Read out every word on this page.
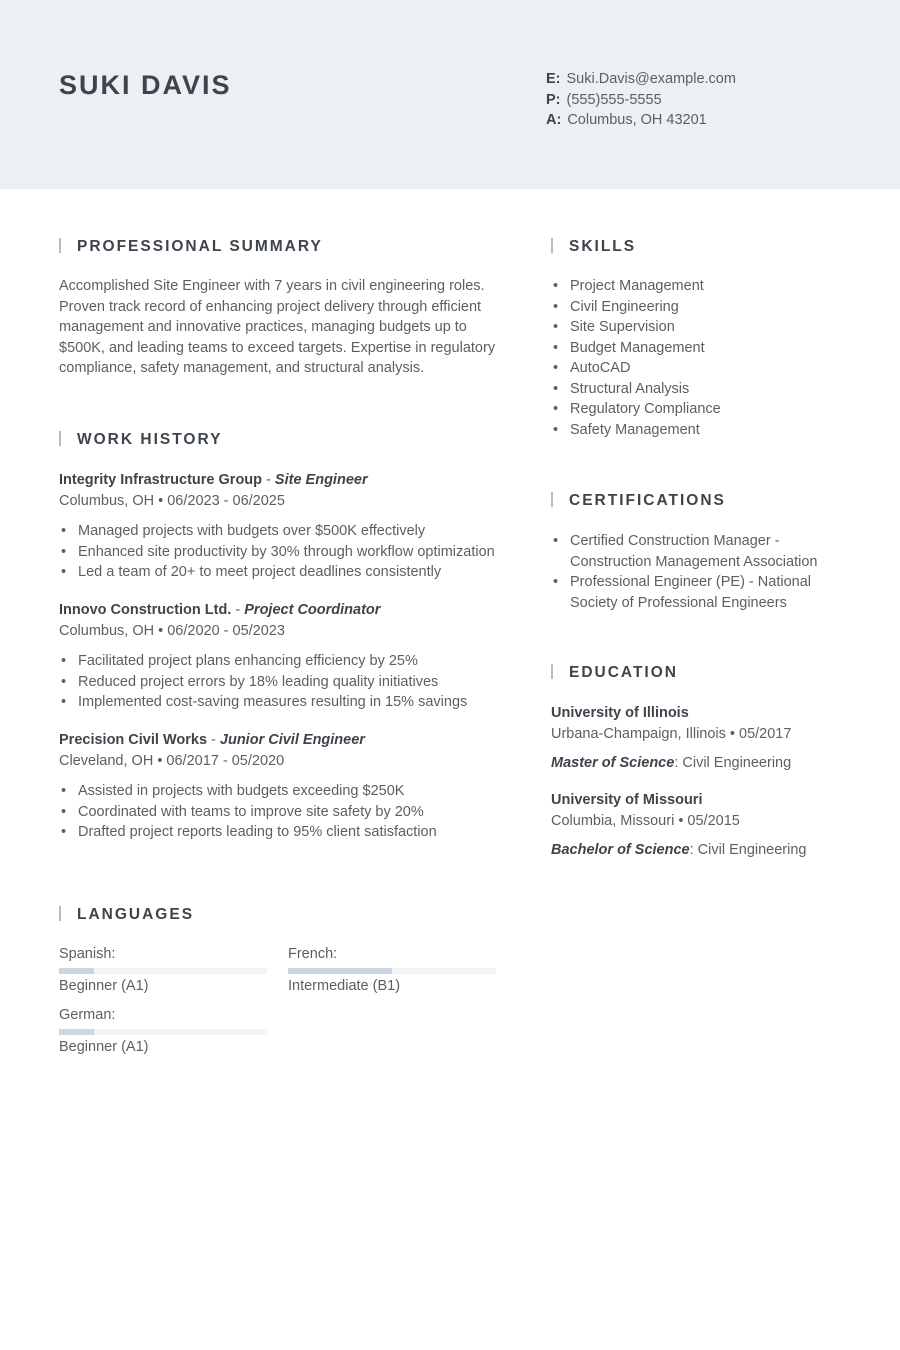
SUKI DAVIS	E: Suki.Davis@example.com
P: (555)555-5555
A: Columbus, OH 43201
PROFESSIONAL SUMMARY
Accomplished Site Engineer with 7 years in civil engineering roles. Proven track record of enhancing project delivery through efficient management and innovative practices, managing budgets up to $500K, and leading teams to exceed targets. Expertise in regulatory compliance, safety management, and structural analysis.
WORK HISTORY
Integrity Infrastructure Group - Site Engineer
Columbus, OH • 06/2023 - 06/2025
• Managed projects with budgets over $500K effectively
• Enhanced site productivity by 30% through workflow optimization
• Led a team of 20+ to meet project deadlines consistently
Innovo Construction Ltd. - Project Coordinator
Columbus, OH • 06/2020 - 05/2023
• Facilitated project plans enhancing efficiency by 25%
• Reduced project errors by 18% leading quality initiatives
• Implemented cost-saving measures resulting in 15% savings
Precision Civil Works - Junior Civil Engineer
Cleveland, OH • 06/2017 - 05/2020
• Assisted in projects with budgets exceeding $250K
• Coordinated with teams to improve site safety by 20%
• Drafted project reports leading to 95% client satisfaction
LANGUAGES
Spanish:
Beginner (A1)
French:
Intermediate (B1)
German:
Beginner (A1)
SKILLS
• Project Management
• Civil Engineering
• Site Supervision
• Budget Management
• AutoCAD
• Structural Analysis
• Regulatory Compliance
• Safety Management
CERTIFICATIONS
• Certified Construction Manager - Construction Management Association
• Professional Engineer (PE) - National Society of Professional Engineers
EDUCATION
University of Illinois
Urbana-Champaign, Illinois • 05/2017
Master of Science: Civil Engineering
University of Missouri
Columbia, Missouri • 05/2015
Bachelor of Science: Civil Engineering
